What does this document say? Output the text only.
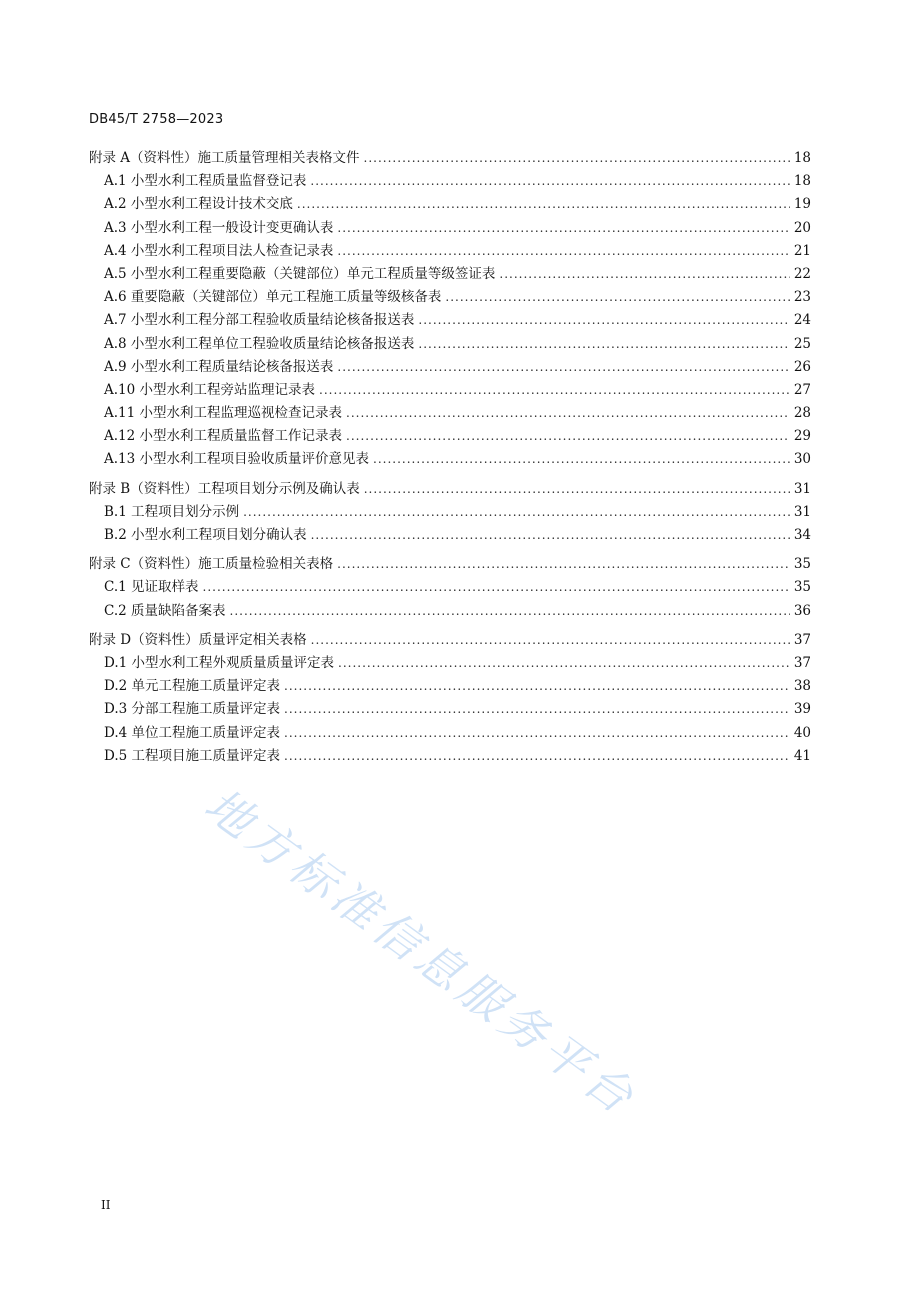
DB45/T 2758—2023
附录 A（资料性）施工质量管理相关表格文件 .....	18
A.1 小型水利工程质量监督登记表 .....	18
A.2 小型水利工程设计技术交底 .....	19
A.3 小型水利工程一般设计变更确认表 .....	20
A.4 小型水利工程项目法人检查记录表 .....	21
A.5 小型水利工程重要隐蔽（关键部位）单元工程质量等级签证表 .....	22
A.6 重要隐蔽（关键部位）单元工程施工质量等级核备表 .....	23
A.7 小型水利工程分部工程验收质量结论核备报送表 .....	24
A.8 小型水利工程单位工程验收质量结论核备报送表 .....	25
A.9 小型水利工程质量结论核备报送表 .....	26
A.10 小型水利工程旁站监理记录表 .....	27
A.11 小型水利工程监理巡视检查记录表 .....	28
A.12 小型水利工程质量监督工作记录表 .....	29
A.13 小型水利工程项目验收质量评价意见表 .....	30
附录 B（资料性）工程项目划分示例及确认表 .....	31
B.1 工程项目划分示例 .....	31
B.2 小型水利工程项目划分确认表 .....	34
附录 C（资料性）施工质量检验相关表格 .....	35
C.1 见证取样表 .....	35
C.2 质量缺陷备案表 .....	36
附录 D（资料性）质量评定相关表格 .....	37
D.1 小型水利工程外观质量质量评定表 .....	37
D.2 单元工程施工质量评定表 .....	38
D.3 分部工程施工质量评定表 .....	39
D.4 单位工程施工质量评定表 .....	40
D.5 工程项目施工质量评定表 .....	41
II
地方标准信息服务平台
